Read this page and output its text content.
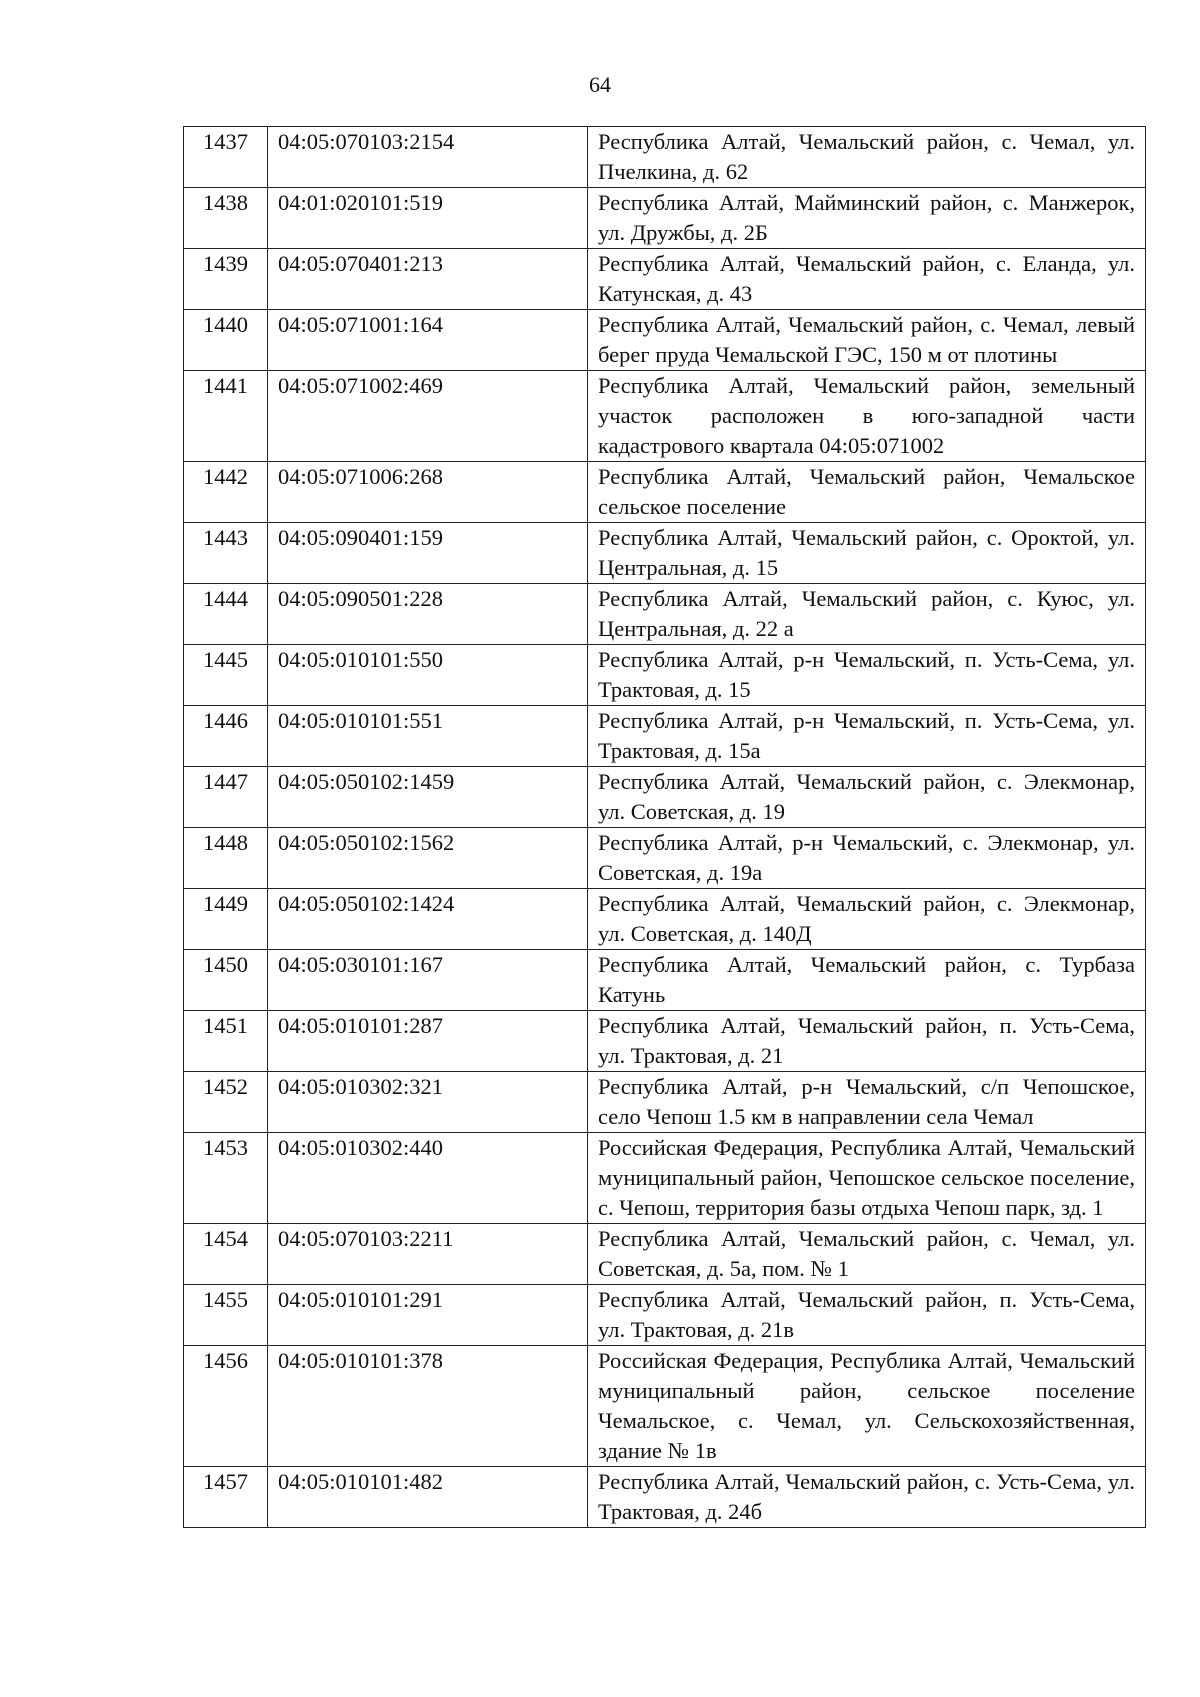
64
1437	04:05:070103:2154	Республика Алтай, Чемальский район, с. Чемал, ул. Пчелкина, д. 62
1438	04:01:020101:519	Республика Алтай, Майминский район, с. Манжерок, ул. Дружбы, д. 2Б
1439	04:05:070401:213	Республика Алтай, Чемальский район, с. Еланда, ул. Катунская, д. 43
1440	04:05:071001:164	Республика Алтай, Чемальский район, с. Чемал, левый берег пруда Чемальской ГЭС, 150 м от плотины
1441	04:05:071002:469	Республика Алтай, Чемальский район, земельный участок расположен в юго-западной части кадастрового квартала 04:05:071002
1442	04:05:071006:268	Республика Алтай, Чемальский район, Чемальское сельское поселение
1443	04:05:090401:159	Республика Алтай, Чемальский район, с. Ороктой, ул. Центральная, д. 15
1444	04:05:090501:228	Республика Алтай, Чемальский район, с. Куюс, ул. Центральная, д. 22 а
1445	04:05:010101:550	Республика Алтай, р-н Чемальский, п. Усть-Сема, ул. Трактовая, д. 15
1446	04:05:010101:551	Республика Алтай, р-н Чемальский, п. Усть-Сема, ул. Трактовая, д. 15а
1447	04:05:050102:1459	Республика Алтай, Чемальский район, с. Элекмонар, ул. Советская, д. 19
1448	04:05:050102:1562	Республика Алтай, р-н Чемальский, с. Элекмонар, ул. Советская, д. 19а
1449	04:05:050102:1424	Республика Алтай, Чемальский район, с. Элекмонар, ул. Советская, д. 140Д
1450	04:05:030101:167	Республика Алтай, Чемальский район, с. Турбаза Катунь
1451	04:05:010101:287	Республика Алтай, Чемальский район, п. Усть-Сема, ул. Трактовая, д. 21
1452	04:05:010302:321	Республика Алтай, р-н Чемальский, с/п Чепошское, село Чепош 1.5 км в направлении села Чемал
1453	04:05:010302:440	Российская Федерация, Республика Алтай, Чемальский муниципальный район, Чепошское сельское поселение, с. Чепош, территория базы отдыха Чепош парк, зд. 1
1454	04:05:070103:2211	Республика Алтай, Чемальский район, с. Чемал, ул. Советская, д. 5а, пом. № 1
1455	04:05:010101:291	Республика Алтай, Чемальский район, п. Усть-Сема, ул. Трактовая, д. 21в
1456	04:05:010101:378	Российская Федерация, Республика Алтай, Чемальский муниципальный район, сельское поселение Чемальское, с. Чемал, ул. Сельскохозяйственная, здание № 1в
1457	04:05:010101:482	Республика Алтай, Чемальский район, с. Усть-Сема, ул. Трактовая, д. 24б
